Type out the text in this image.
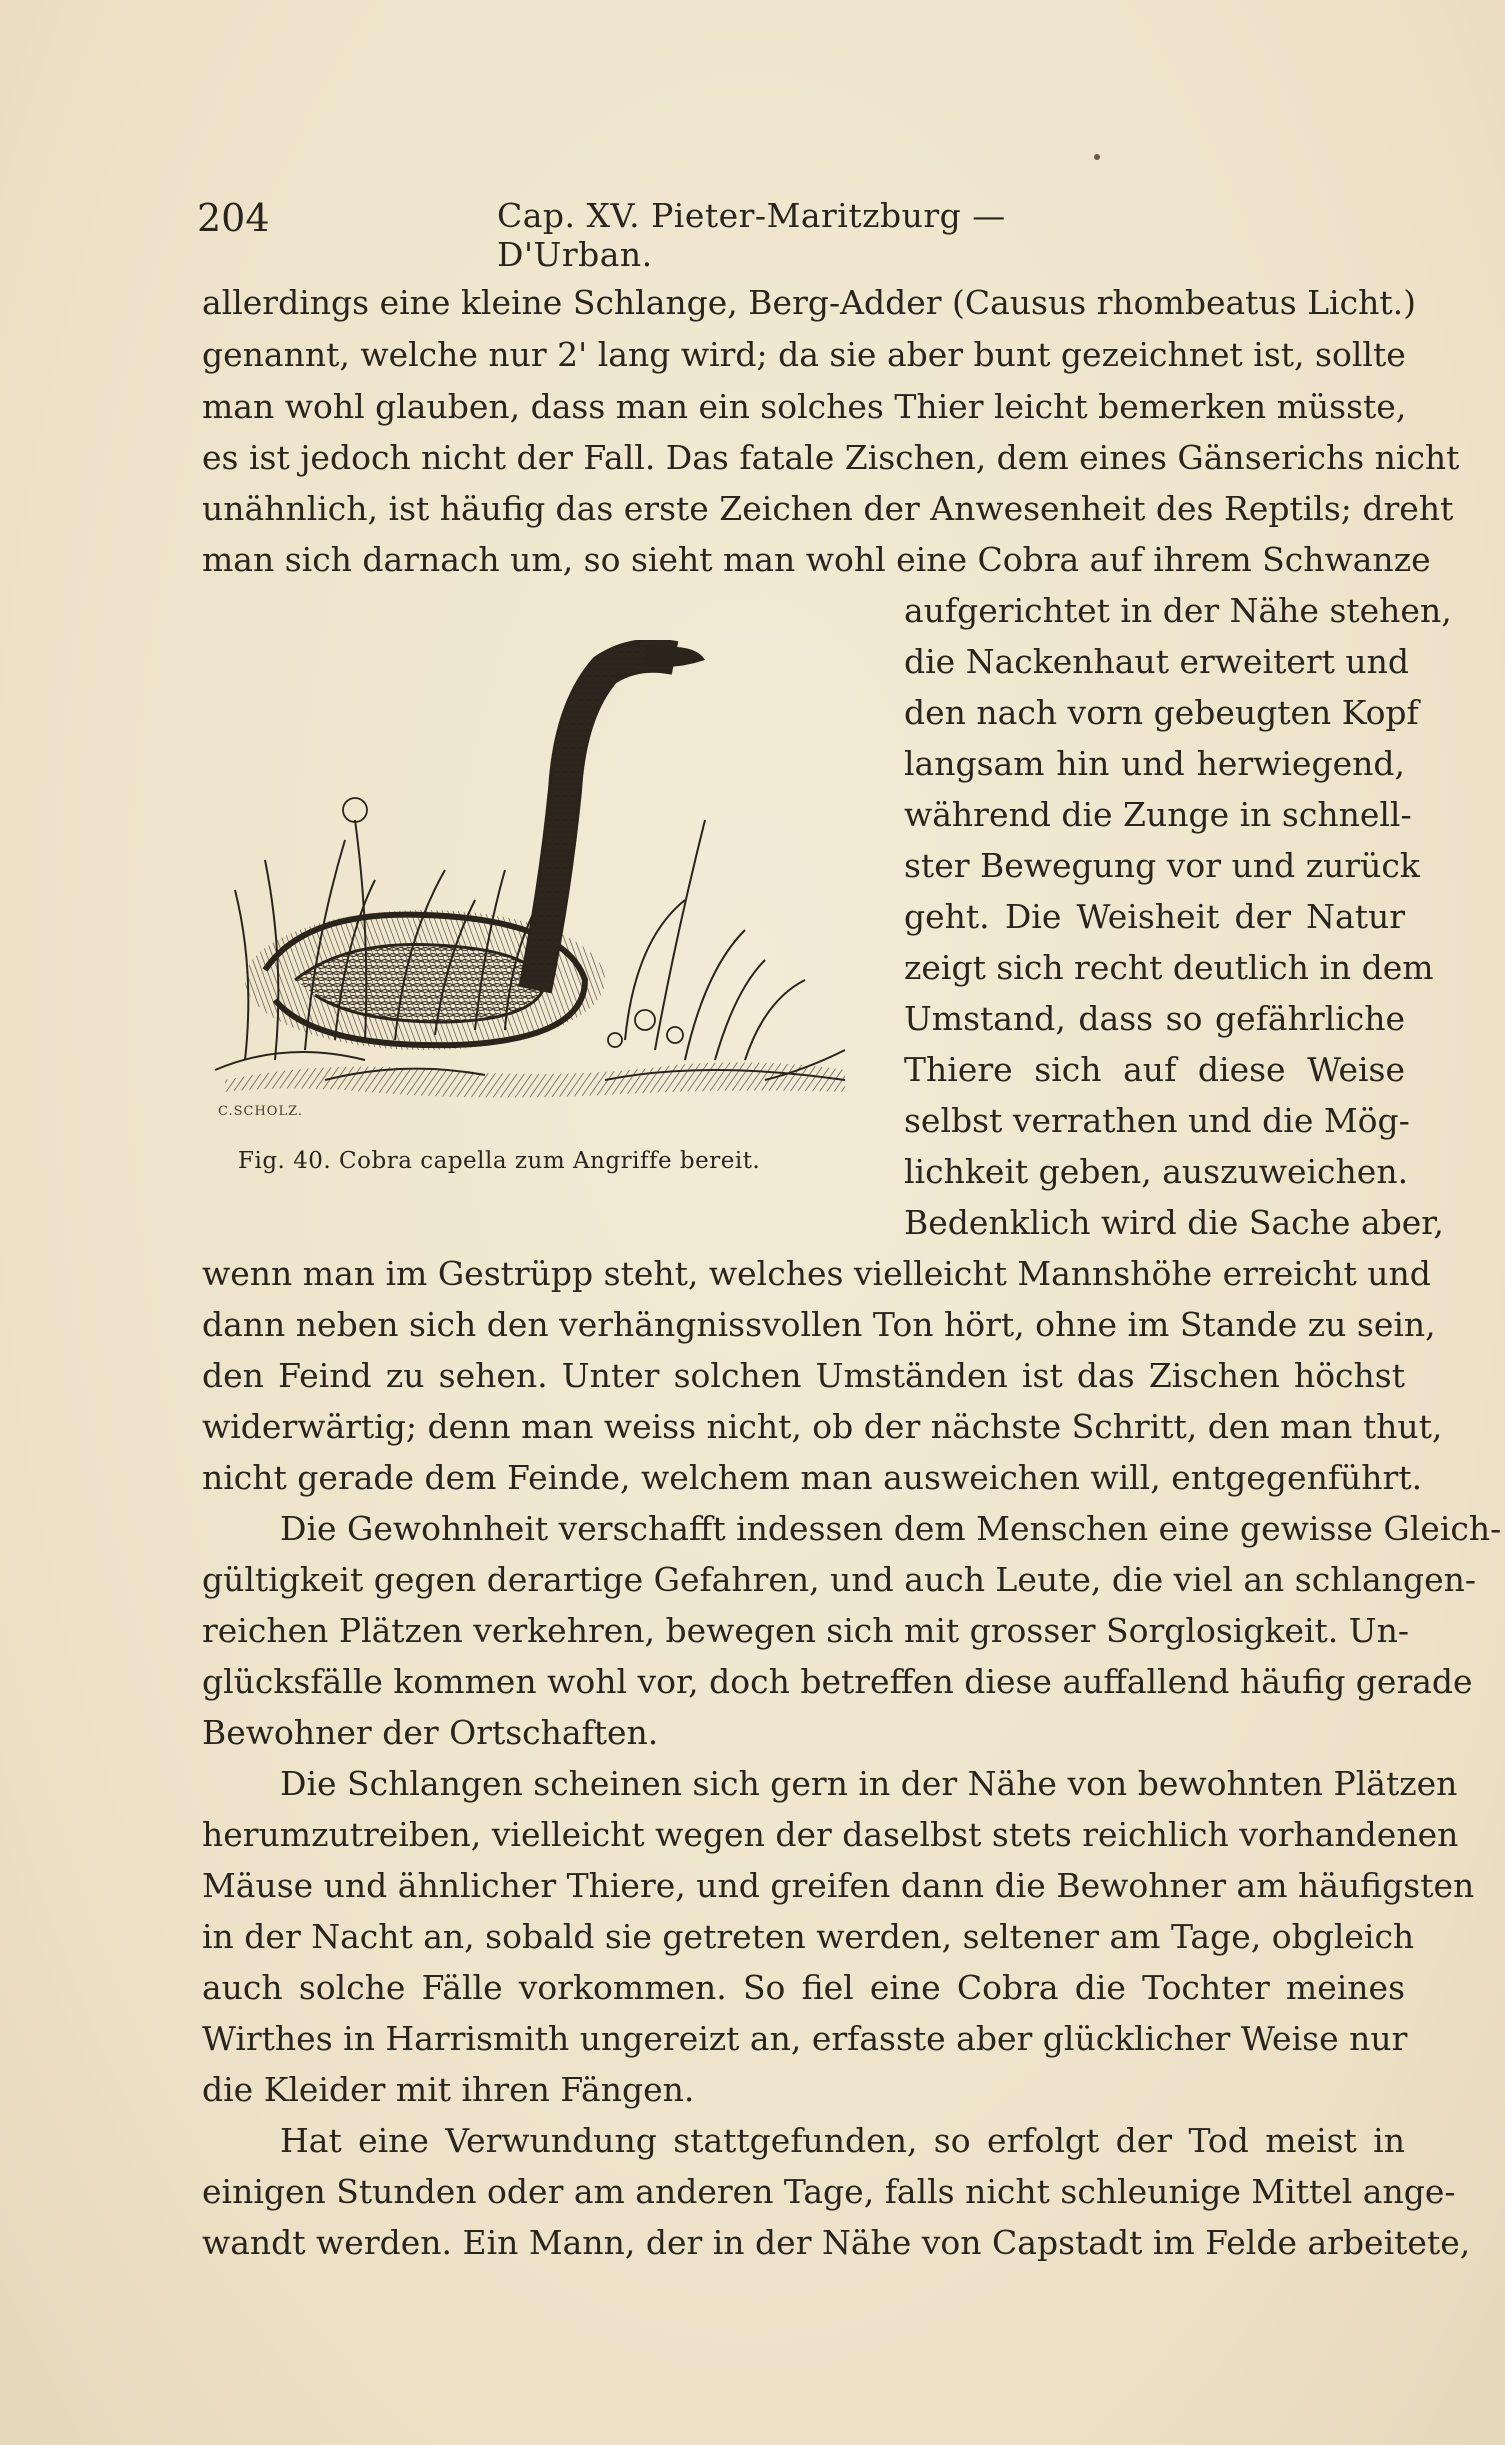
204	Cap. XV. Pieter-Maritzburg — D'Urban.
allerdings eine kleine Schlange, Berg-Adder (Causus rhombeatus Licht.)
genannt, welche nur 2' lang wird; da sie aber bunt gezeichnet ist, sollte
man wohl glauben, dass man ein solches Thier leicht bemerken müsste,
es ist jedoch nicht der Fall. Das fatale Zischen, dem eines Gänserichs nicht
unähnlich, ist häufig das erste Zeichen der Anwesenheit des Reptils; dreht
man sich darnach um, so sieht man wohl eine Cobra auf ihrem Schwanze
aufgerichtet in der Nähe stehen,
die Nackenhaut erweitert und
den nach vorn gebeugten Kopf
langsam hin und herwiegend,
während die Zunge in schnell-
ster Bewegung vor und zurück
geht. Die Weisheit der Natur
zeigt sich recht deutlich in dem
Umstand, dass so gefährliche
Thiere sich auf diese Weise
selbst verrathen und die Mög-
lichkeit geben, auszuweichen.
Bedenklich wird die Sache aber,
C.SCHOLZ.
Fig. 40. Cobra capella zum Angriffe bereit.
wenn man im Gestrüpp steht, welches vielleicht Mannshöhe erreicht und
dann neben sich den verhängnissvollen Ton hört, ohne im Stande zu sein,
den Feind zu sehen. Unter solchen Umständen ist das Zischen höchst
widerwärtig; denn man weiss nicht, ob der nächste Schritt, den man thut,
nicht gerade dem Feinde, welchem man ausweichen will, entgegenführt.
Die Gewohnheit verschafft indessen dem Menschen eine gewisse Gleich-
gültigkeit gegen derartige Gefahren, und auch Leute, die viel an schlangen-
reichen Plätzen verkehren, bewegen sich mit grosser Sorglosigkeit. Un-
glücksfälle kommen wohl vor, doch betreffen diese auffallend häufig gerade
Bewohner der Ortschaften.
Die Schlangen scheinen sich gern in der Nähe von bewohnten Plätzen
herumzutreiben, vielleicht wegen der daselbst stets reichlich vorhandenen
Mäuse und ähnlicher Thiere, und greifen dann die Bewohner am häufigsten
in der Nacht an, sobald sie getreten werden, seltener am Tage, obgleich
auch solche Fälle vorkommen. So fiel eine Cobra die Tochter meines
Wirthes in Harrismith ungereizt an, erfasste aber glücklicher Weise nur
die Kleider mit ihren Fängen.
Hat eine Verwundung stattgefunden, so erfolgt der Tod meist in
einigen Stunden oder am anderen Tage, falls nicht schleunige Mittel ange-
wandt werden. Ein Mann, der in der Nähe von Capstadt im Felde arbeitete,
